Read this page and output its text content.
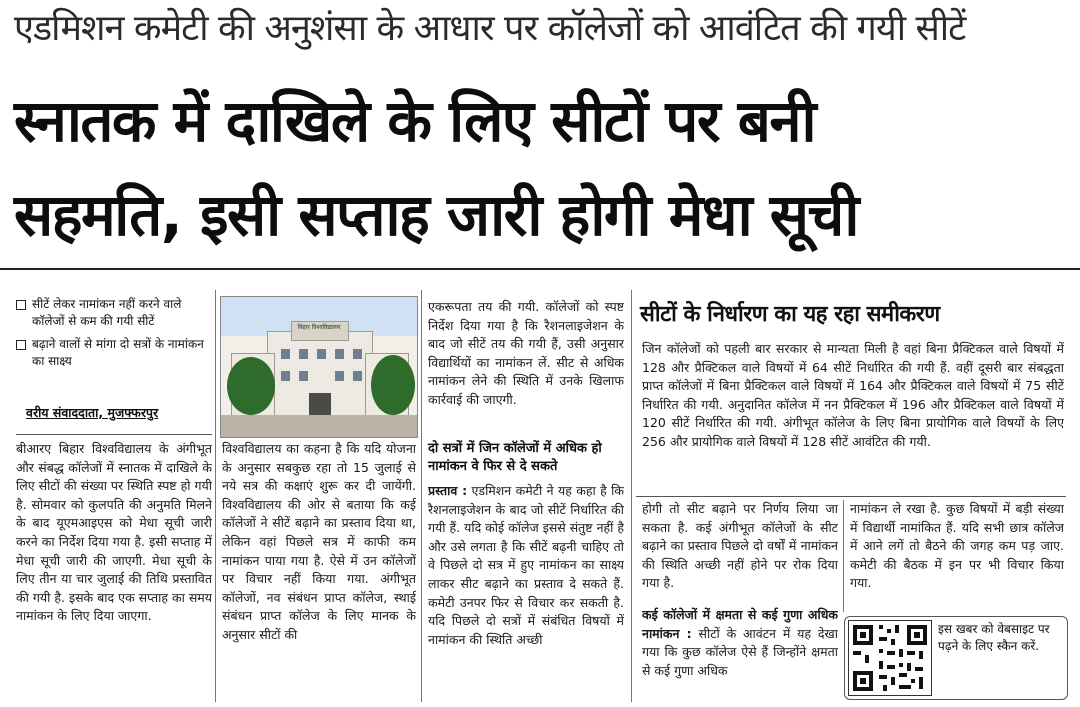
एडमिशन कमेटी की अनुशंसा के आधार पर कॉलेजों को आवंटित की गयी सीटें
स्नातक में दाखिले के लिए सीटों पर बनी
सहमति, इसी सप्ताह जारी होगी मेधा सूची
सीटें लेकर नामांकन नहीं करने वाले कॉलेजों से कम की गयी सीटें
बढ़ाने वालों से मांगा दो सत्रों के नामांकन का साक्ष्य
वरीय संवाददाता, मुजफ्फरपुर

बीआरए बिहार विश्वविद्यालय के अंगीभूत और संबद्ध कॉलेजों में स्नातक में दाखिले के लिए सीटों की संख्या पर स्थिति स्पष्ट हो गयी है. सोमवार को कुलपति की अनुमति मिलने के बाद यूएमआइएस को मेधा सूची जारी करने का निर्देश दिया गया है. इसी सप्ताह में मेधा सूची जारी की जाएगी. मेधा सूची के लिए तीन या चार जुलाई की तिथि प्रस्तावित की गयी है. इसके बाद एक सप्ताह का समय नामांकन के लिए दिया जाएगा.

बिहार विश्वविद्यालय

विश्वविद्यालय का कहना है कि यदि योजना के अनुसार सबकुछ रहा तो 15 जुलाई से नये सत्र की कक्षाएं शुरू कर दी जायेंगी. विश्वविद्यालय की ओर से बताया कि कई कॉलेजों ने सीटें बढ़ाने का प्रस्ताव दिया था, लेकिन वहां पिछले सत्र में काफी कम नामांकन पाया गया है. ऐसे में उन कॉलेजों पर विचार नहीं किया गया. अंगीभूत कॉलेजों, नव संबंधन प्राप्त कॉलेज, स्थाई संबंधन प्राप्त कॉलेज के लिए मानक के अनुसार सीटों की

एकरूपता तय की गयी. कॉलेजों को स्पष्ट निर्देश दिया गया है कि रैशनलाइजेशन के बाद जो सीटें तय की गयी हैं, उसी अनुसार विद्यार्थियों का नामांकन लें. सीट से अधिक नामांकन लेने की स्थिति में उनके खिलाफ कार्रवाई की जाएगी.

दो सत्रों में जिन कॉलेजों में अधिक हो नामांकन वे फिर से दे सकते
प्रस्ताव : एडमिशन कमेटी ने यह कहा है कि रैशनलाइजेशन के बाद जो सीटें निर्धारित की गयी हैं. यदि कोई कॉलेज इससे संतुष्ट नहीं है और उसे लगता है कि सीटें बढ़नी चाहिए तो वे पिछले दो सत्र में हुए नामांकन का साक्ष्य लाकर सीट बढ़ाने का प्रस्ताव दे सकते हैं. कमेटी उनपर फिर से विचार कर सकती है. यदि पिछले दो सत्रों में संबंधित विषयों में नामांकन की स्थिति अच्छी
सीटों के निर्धारण का यह रहा समीकरण

जिन कॉलेजों को पहली बार सरकार से मान्यता मिली है वहां बिना प्रैक्टिकल वाले विषयों में 128 और प्रैक्टिकल वाले विषयों में 64 सीटें निर्धारित की गयी हैं. वहीं दूसरी बार संबद्धता प्राप्त कॉलेजों में बिना प्रैक्टिकल वाले विषयों में 164 और प्रैक्टिकल वाले विषयों में 75 सीटें निर्धारित की गयी. अनुदानित कॉलेज में नन प्रैक्टिकल में 196 और प्रैक्टिकल वाले विषयों में 120 सीटें निर्धारित की गयी. अंगीभूत कॉलेज के लिए बिना प्रायोगिक वाले विषयों के लिए 256 और प्रायोगिक वाले विषयों में 128 सीटें आवंटित की गयी.

होगी तो सीट बढ़ाने पर निर्णय लिया जा सकता है. कई अंगीभूत कॉलेजों के सीट बढ़ाने का प्रस्ताव पिछले दो वर्षों में नामांकन की स्थिति अच्छी नहीं होने पर रोक दिया गया है.

कई कॉलेजों में क्षमता से कई गुणा अधिक नामांकन : सीटों के आवंटन में यह देखा गया कि कुछ कॉलेज ऐसे हैं जिन्होंने क्षमता से कई गुणा अधिक

नामांकन ले रखा है. कुछ विषयों में बड़ी संख्या में विद्यार्थी नामांकित हैं. यदि सभी छात्र कॉलेज में आने लगें तो बैठने की जगह कम पड़ जाए. कमेटी की बैठक में इन पर भी विचार किया गया.

इस खबर को वेबसाइट पर पढ़ने के लिए स्कैन करें.
